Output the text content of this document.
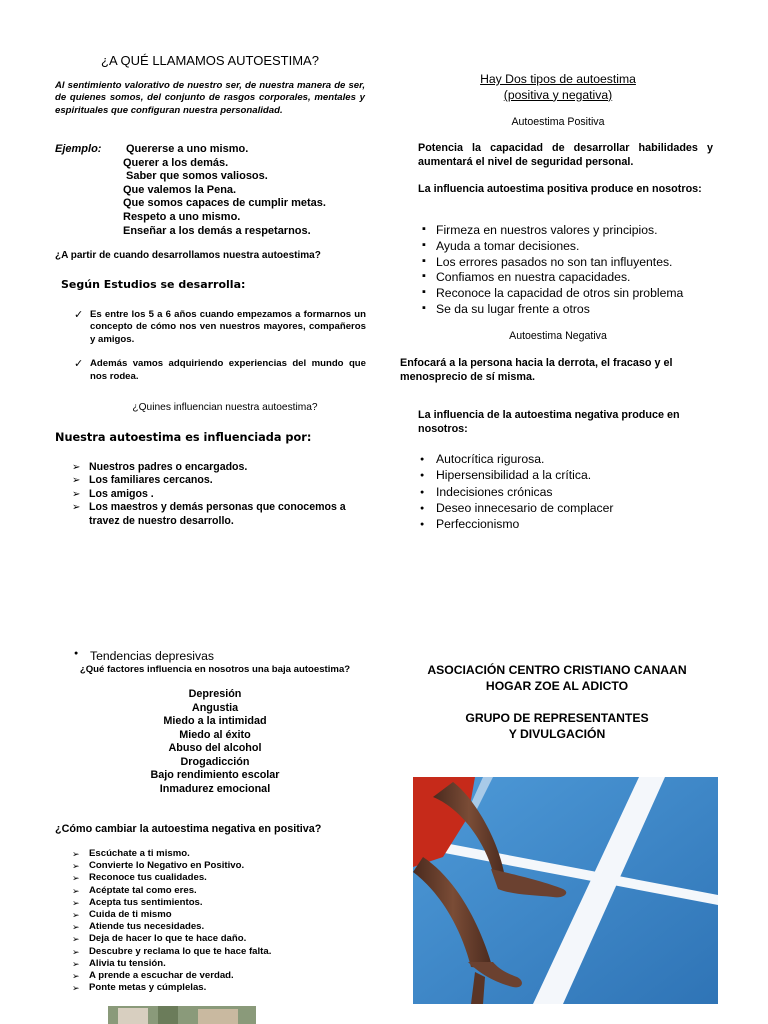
¿A QUÉ LLAMAMOS AUTOESTIMA?

Al sentimiento valorativo de nuestro ser, de nuestra manera de ser, de quienes somos, del conjunto de rasgos corporales, mentales y espirituales que configuran nuestra personalidad.

Ejemplo: Quererse a uno mismo.
Querer a los demás.
Saber que somos valiosos.
Que valemos la Pena.
Que somos capaces de cumplir metas.
Respeto a uno mismo.
Enseñar a los demás a respetarnos.
¿A partir de cuando desarrollamos nuestra autoestima?
Según Estudios se desarrolla:
✓ Es entre los 5 a 6 años cuando empezamos a formarnos un concepto de cómo nos ven nuestros mayores, compañeros y amigos.
✓ Además vamos adquiriendo experiencias del mundo que nos rodea.
¿Quines influencian nuestra autoestima?
Nuestra autoestima es influenciada por:
➢ Nuestros padres o encargados.
➢ Los familiares cercanos.
➢ Los amigos .
➢ Los maestros y demás personas que conocemos a travez de nuestro desarrollo.
Hay Dos tipos de autoestima
(positiva y negativa)
Autoestima Positiva

Potencia la capacidad de desarrollar habilidades y aumentará el nivel de seguridad personal.

La influencia autoestima positiva produce en nosotros:

▪ Firmeza en nuestros valores y principios.
▪ Ayuda a tomar decisiones.
▪ Los errores pasados no son tan influyentes.
▪ Confiamos en nuestra capacidades.
▪ Reconoce la capacidad de otros sin problema
▪ Se da su lugar frente a otros
Autoestima Negativa

Enfocará a la persona hacia la derrota, el fracaso y el menosprecio de sí misma.

La influencia de la autoestima negativa produce en nosotros:

● Autocrítica rigurosa.
● Hipersensibilidad a la crítica.
● Indecisiones crónicas
● Deseo innecesario de complacer
● Perfeccionismo
● Tendencias depresivas
¿Qué factores influencia en nosotros una baja autoestima?
Depresión
Angustia
Miedo a la intimidad
Miedo al éxito
Abuso del alcohol
Drogadicción
Bajo rendimiento escolar
Inmadurez emocional
¿Cómo cambiar la autoestima negativa en positiva?
➢ Escúchate a ti mismo.
➢ Convierte lo Negativo en Positivo.
➢ Reconoce tus cualidades.
➢ Acéptate tal como eres.
➢ Acepta tus sentimientos.
➢ Cuida de ti mismo
➢ Atiende tus necesidades.
➢ Deja de hacer lo que te hace daño.
➢ Descubre y reclama lo que te hace falta.
➢ Alivia tu tensión.
➢ A prende a escuchar de verdad.
➢ Ponte metas y cúmplelas.
ASOCIACIÓN CENTRO CRISTIANO CANAAN
HOGAR ZOE AL ADICTO
GRUPO DE REPRESENTANTES
Y DIVULGACIÓN
